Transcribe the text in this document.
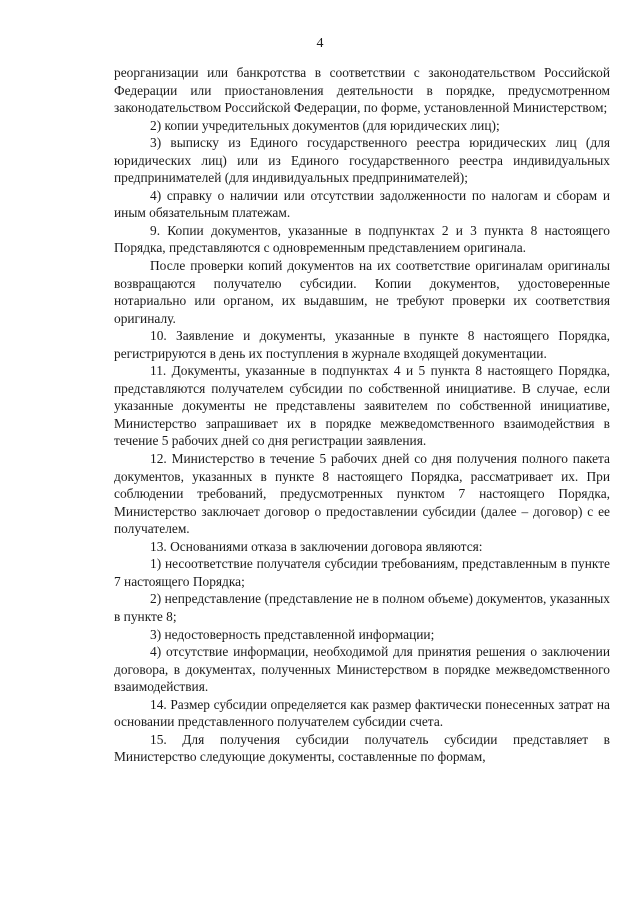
4

реорганизации или банкротства в соответствии с законодательством Российской Федерации или приостановления деятельности в порядке, предусмотренном законодательством Российской Федерации, по форме, установленной Министерством;

2) копии учредительных документов (для юридических лиц);

3) выписку из Единого государственного реестра юридических лиц (для юридических лиц) или из Единого государственного реестра индивидуальных предпринимателей (для индивидуальных предпринимателей);

4) справку о наличии или отсутствии задолженности по налогам и сборам и иным обязательным платежам.

9. Копии документов, указанные в подпунктах 2 и 3 пункта 8 настоящего Порядка, представляются с одновременным представлением оригинала.

После проверки копий документов на их соответствие оригиналам оригиналы возвращаются получателю субсидии. Копии документов, удостоверенные нотариально или органом, их выдавшим, не требуют проверки их соответствия оригиналу.

10. Заявление и документы, указанные в пункте 8 настоящего Порядка, регистрируются в день их поступления в журнале входящей документации.

11. Документы, указанные в подпунктах 4 и 5 пункта 8 настоящего Порядка, представляются получателем субсидии по собственной инициативе. В случае, если указанные документы не представлены заявителем по собственной инициативе, Министерство запрашивает их в порядке межведомственного взаимодействия в течение 5 рабочих дней со дня регистрации заявления.

12. Министерство в течение 5 рабочих дней со дня получения полного пакета документов, указанных в пункте 8 настоящего Порядка, рассматривает их. При соблюдении требований, предусмотренных пунктом 7 настоящего Порядка, Министерство заключает договор о предоставлении субсидии (далее – договор) с ее получателем.

13. Основаниями отказа в заключении договора являются:

1) несоответствие получателя субсидии требованиям, представленным в пункте 7 настоящего Порядка;

2) непредставление (представление не в полном объеме) документов, указанных в пункте 8;

3) недостоверность представленной информации;

4) отсутствие информации, необходимой для принятия решения о заключении договора, в документах, полученных Министерством в порядке межведомственного взаимодействия.

14. Размер субсидии определяется как размер фактически понесенных затрат на основании представленного получателем субсидии счета.

15. Для получения субсидии получатель субсидии представляет в Министерство следующие документы, составленные по формам,
